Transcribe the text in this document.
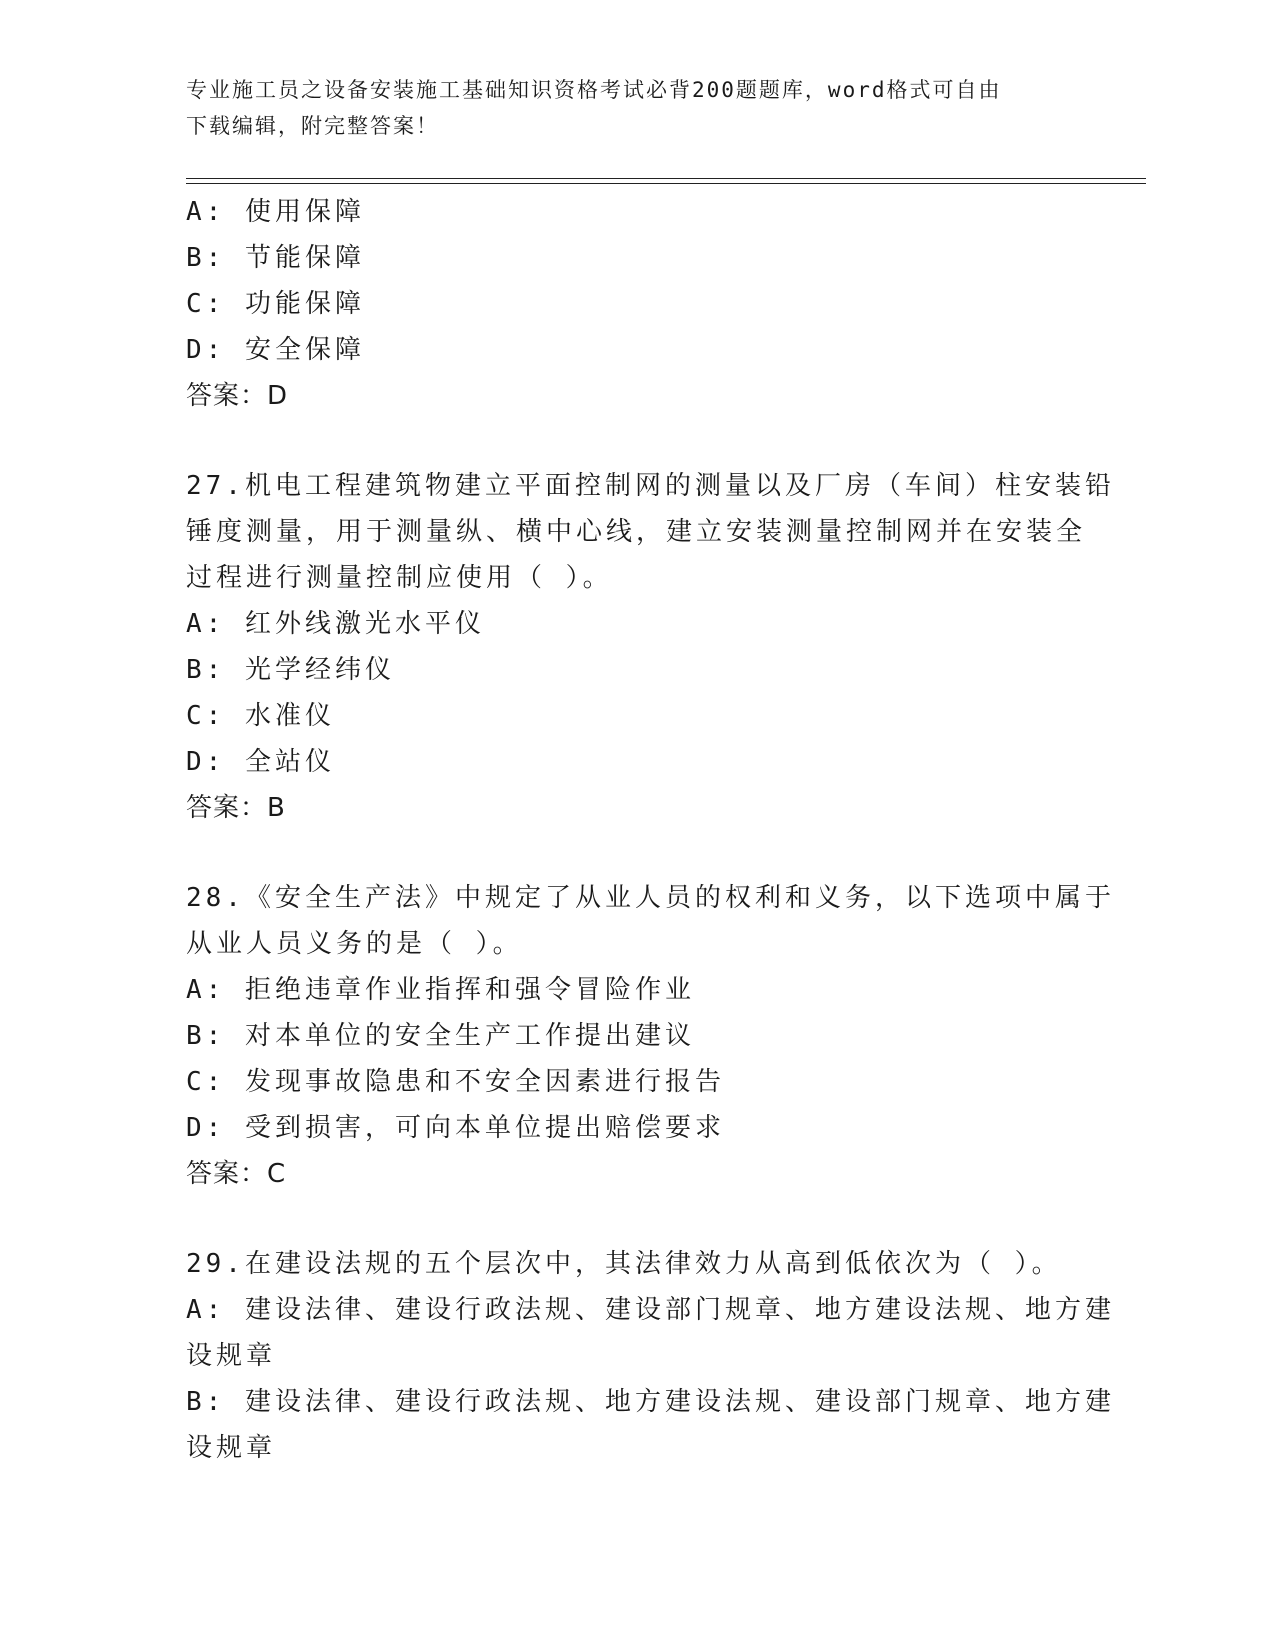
专业施工员之设备安装施工基础知识资格考试必背200题题库，word格式可自由
下载编辑，附完整答案！
A: 使用保障
B: 节能保障
C: 功能保障
D: 安全保障
答案：D
27.机电工程建筑物建立平面控制网的测量以及厂房（车间）柱安装铅
锤度测量，用于测量纵、横中心线，建立安装测量控制网并在安装全
过程进行测量控制应使用（ ）。
A: 红外线激光水平仪
B: 光学经纬仪
C: 水准仪
D: 全站仪
答案：B
28.《安全生产法》中规定了从业人员的权利和义务，以下选项中属于
从业人员义务的是（ ）。
A: 拒绝违章作业指挥和强令冒险作业
B: 对本单位的安全生产工作提出建议
C: 发现事故隐患和不安全因素进行报告
D: 受到损害，可向本单位提出赔偿要求
答案：C
29.在建设法规的五个层次中，其法律效力从高到低依次为（ ）。
A: 建设法律、建设行政法规、建设部门规章、地方建设法规、地方建
设规章
B: 建设法律、建设行政法规、地方建设法规、建设部门规章、地方建
设规章
